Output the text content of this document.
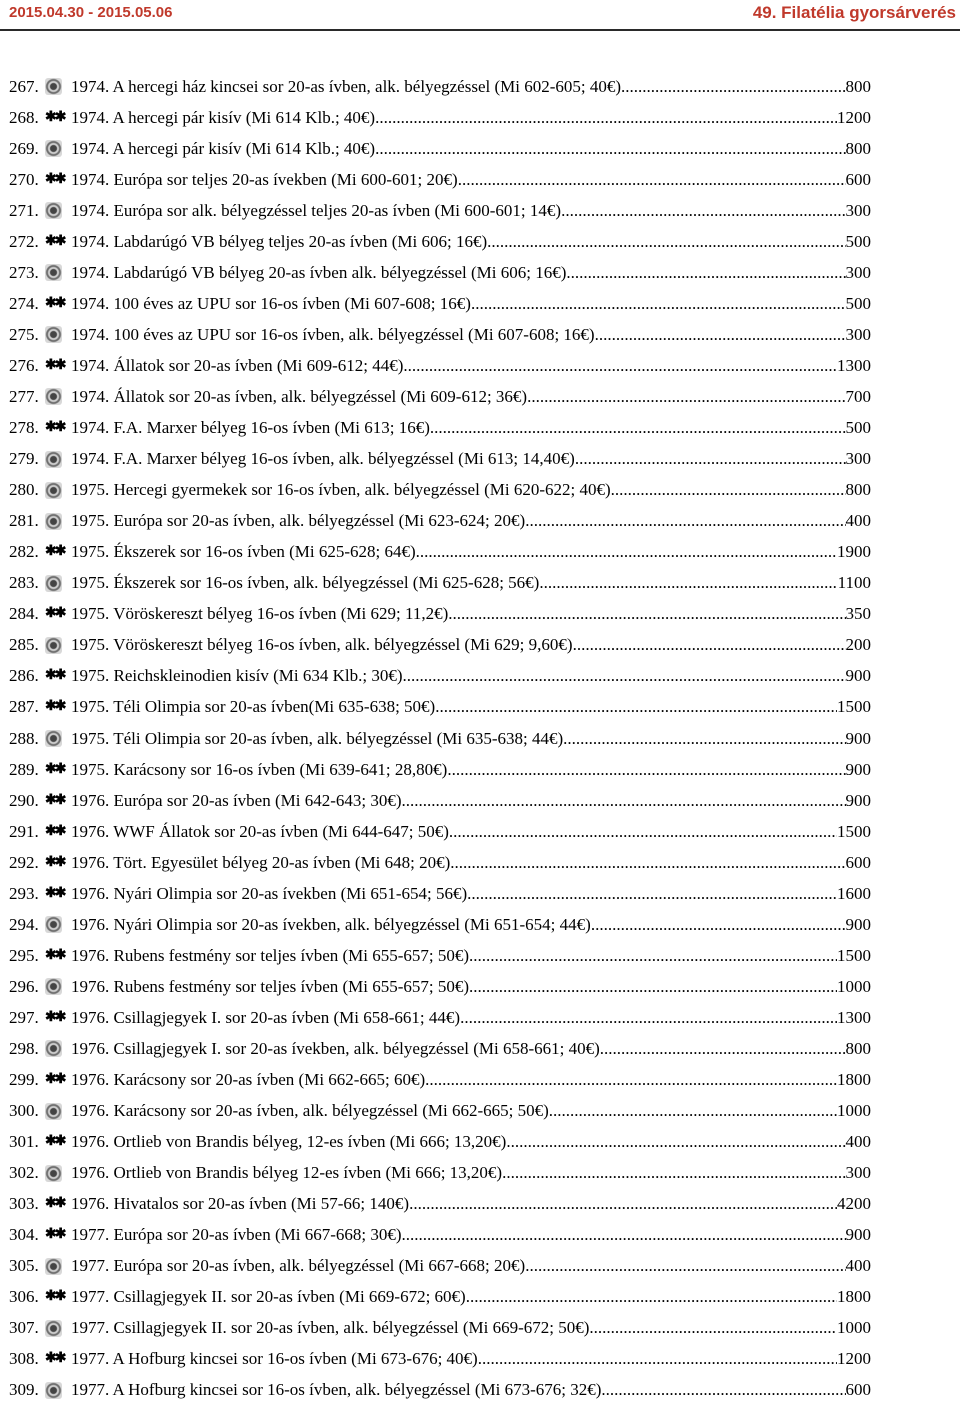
2015.04.30 - 2015.05.06	49. Filatélia gyorsárverés
267.	1974. A hercegi ház kincsei sor 20-as ívben, alk. bélyegzéssel (Mi 602-605; 40€) .....	800
268. ✱✱ 1974. A hercegi pár kisív (Mi 614 Klb.; 40€) .....	1200
269.	1974. A hercegi pár kisív (Mi 614 Klb.; 40€) .....	800
270. ✱✱ 1974. Európa sor teljes 20-as ívekben (Mi 600-601; 20€) .....	600
271.	1974. Európa sor alk. bélyegzéssel teljes 20-as ívben (Mi 600-601; 14€) .....	300
272. ✱✱ 1974. Labdarúgó VB bélyeg teljes 20-as ívben (Mi 606; 16€) .....	500
273.	1974. Labdarúgó VB bélyeg 20-as ívben alk. bélyegzéssel (Mi 606; 16€) .....	300
274. ✱✱ 1974. 100 éves az UPU sor 16-os ívben (Mi 607-608; 16€) .....	500
275.	1974. 100 éves az UPU sor 16-os ívben, alk. bélyegzéssel (Mi 607-608; 16€) .....	300
276. ✱✱ 1974. Állatok sor 20-as ívben (Mi 609-612; 44€) .....	1300
277.	1974. Állatok sor 20-as ívben, alk. bélyegzéssel (Mi 609-612; 36€) .....	700
278. ✱✱ 1974. F.A. Marxer bélyeg 16-os ívben (Mi 613; 16€) .....	500
279.	1974. F.A. Marxer bélyeg 16-os ívben, alk. bélyegzéssel (Mi 613; 14,40€) .....	300
280.	1975. Hercegi gyermekek sor 16-os ívben, alk. bélyegzéssel (Mi 620-622; 40€) .....	800
281.	1975. Európa sor 20-as ívben, alk. bélyegzéssel (Mi 623-624; 20€) .....	400
282. ✱✱ 1975. Ékszerek sor 16-os ívben (Mi 625-628; 64€) .....	1900
283.	1975. Ékszerek sor 16-os ívben, alk. bélyegzéssel (Mi 625-628; 56€) .....	1100
284. ✱✱ 1975. Vöröskereszt bélyeg 16-os ívben (Mi 629; 11,2€) .....	350
285.	1975. Vöröskereszt bélyeg 16-os ívben, alk. bélyegzéssel (Mi 629; 9,60€) .....	200
286. ✱✱ 1975. Reichskleinodien kisív (Mi 634 Klb.; 30€) .....	900
287. ✱✱ 1975. Téli Olimpia sor 20-as ívben(Mi 635-638; 50€) .....	1500
288.	1975. Téli Olimpia sor 20-as ívben, alk. bélyegzéssel (Mi 635-638; 44€) .....	900
289. ✱✱ 1975. Karácsony sor 16-os ívben (Mi 639-641; 28,80€) .....	900
290. ✱✱ 1976. Európa sor 20-as ívben (Mi 642-643; 30€) .....	900
291. ✱✱ 1976. WWF Állatok sor 20-as ívben (Mi 644-647; 50€) .....	1500
292. ✱✱ 1976. Tört. Egyesület bélyeg 20-as ívben (Mi 648; 20€) .....	600
293. ✱✱ 1976. Nyári Olimpia sor 20-as ívekben (Mi 651-654; 56€) .....	1600
294.	1976. Nyári Olimpia sor 20-as ívekben, alk. bélyegzéssel (Mi 651-654; 44€) .....	900
295. ✱✱ 1976. Rubens festmény sor teljes ívben (Mi 655-657; 50€) .....	1500
296.	1976. Rubens festmény sor teljes ívben (Mi 655-657; 50€) .....	1000
297. ✱✱ 1976. Csillagjegyek I. sor 20-as ívben (Mi 658-661; 44€) .....	1300
298.	1976. Csillagjegyek I. sor 20-as ívekben, alk. bélyegzéssel (Mi 658-661; 40€) .....	800
299. ✱✱ 1976. Karácsony sor 20-as ívben (Mi 662-665; 60€) .....	1800
300.	1976. Karácsony sor 20-as ívben, alk. bélyegzéssel (Mi 662-665; 50€) .....	1000
301. ✱✱ 1976. Ortlieb von Brandis bélyeg, 12-es ívben (Mi 666; 13,20€) .....	400
302.	1976. Ortlieb von Brandis bélyeg 12-es ívben (Mi 666; 13,20€) .....	300
303. ✱✱ 1976. Hivatalos sor 20-as ívben (Mi 57-66; 140€) .....	4200
304. ✱✱ 1977. Európa sor 20-as ívben (Mi 667-668; 30€) .....	900
305.	1977. Európa sor 20-as ívben, alk. bélyegzéssel (Mi 667-668; 20€) .....	400
306. ✱✱ 1977. Csillagjegyek II. sor 20-as ívben (Mi 669-672; 60€) .....	1800
307.	1977. Csillagjegyek II. sor 20-as ívben, alk. bélyegzéssel (Mi 669-672; 50€) .....	1000
308. ✱✱ 1977. A Hofburg kincsei sor 16-os ívben (Mi 673-676; 40€) .....	1200
309.	1977. A Hofburg kincsei sor 16-os ívben, alk. bélyegzéssel (Mi 673-676; 32€) .....	600
